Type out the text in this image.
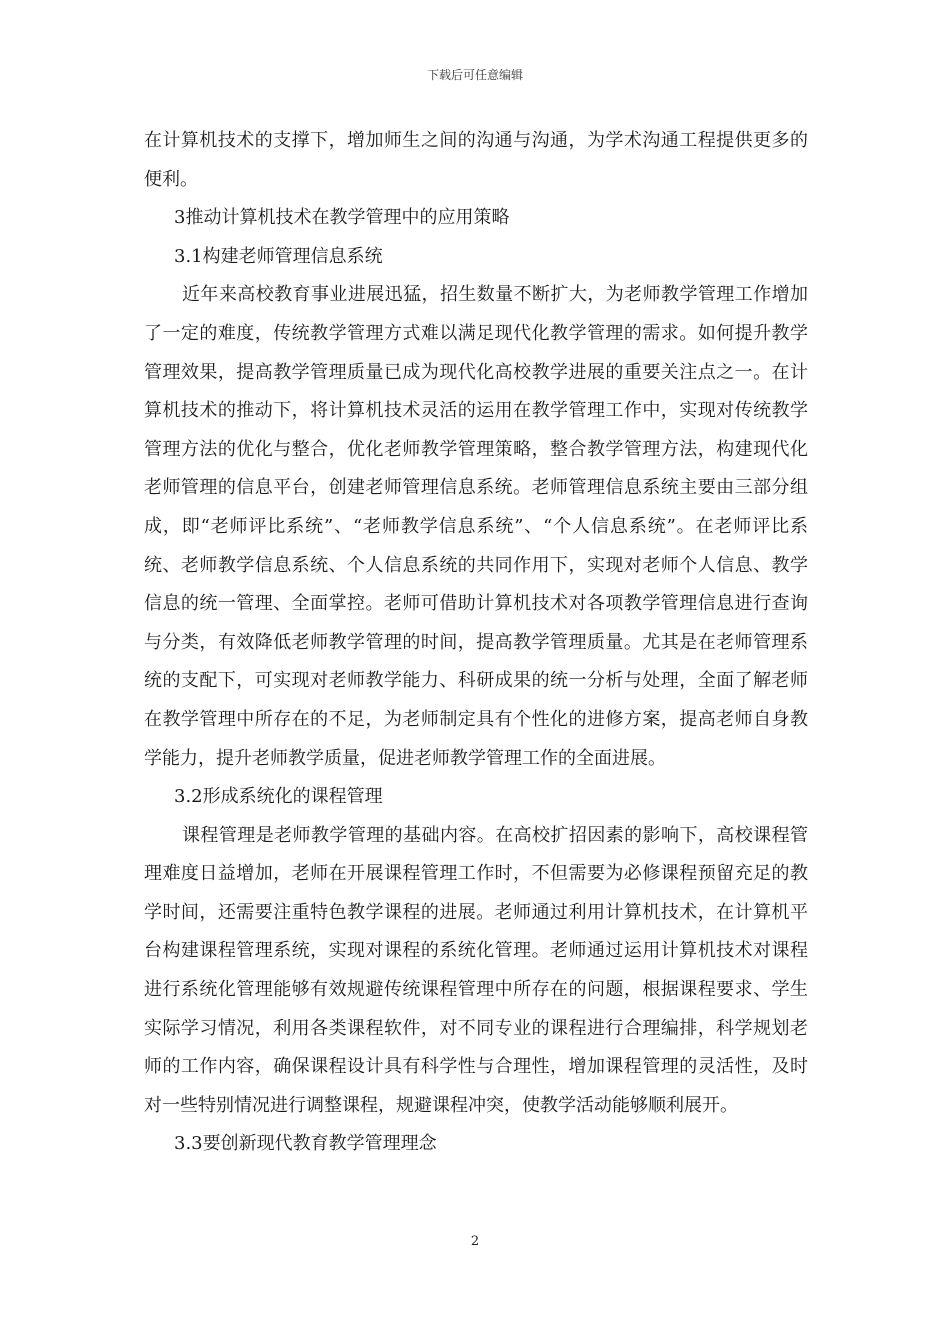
下载后可任意编辑

在计算机技术的支撑下，增加师生之间的沟通与沟通，为学术沟通工程提供更多的便利。

3推动计算机技术在教学管理中的应用策略

3.1构建老师管理信息系统

近年来高校教育事业进展迅猛，招生数量不断扩大，为老师教学管理工作增加了一定的难度，传统教学管理方式难以满足现代化教学管理的需求。如何提升教学管理效果，提高教学管理质量已成为现代化高校教学进展的重要关注点之一。在计算机技术的推动下，将计算机技术灵活的运用在教学管理工作中，实现对传统教学管理方法的优化与整合，优化老师教学管理策略，整合教学管理方法，构建现代化老师管理的信息平台，创建老师管理信息系统。老师管理信息系统主要由三部分组成，即“老师评比系统”、“老师教学信息系统”、“个人信息系统”。在老师评比系统、老师教学信息系统、个人信息系统的共同作用下，实现对老师个人信息、教学信息的统一管理、全面掌控。老师可借助计算机技术对各项教学管理信息进行查询与分类，有效降低老师教学管理的时间，提高教学管理质量。尤其是在老师管理系统的支配下，可实现对老师教学能力、科研成果的统一分析与处理，全面了解老师在教学管理中所存在的不足，为老师制定具有个性化的进修方案，提高老师自身教学能力，提升老师教学质量，促进老师教学管理工作的全面进展。

3.2形成系统化的课程管理

课程管理是老师教学管理的基础内容。在高校扩招因素的影响下，高校课程管理难度日益增加，老师在开展课程管理工作时，不但需要为必修课程预留充足的教学时间，还需要注重特色教学课程的进展。老师通过利用计算机技术，在计算机平台构建课程管理系统，实现对课程的系统化管理。老师通过运用计算机技术对课程进行系统化管理能够有效规避传统课程管理中所存在的问题，根据课程要求、学生实际学习情况，利用各类课程软件，对不同专业的课程进行合理编排，科学规划老师的工作内容，确保课程设计具有科学性与合理性，增加课程管理的灵活性，及时对一些特别情况进行调整课程，规避课程冲突，使教学活动能够顺利展开。

3.3要创新现代教育教学管理理念

2
